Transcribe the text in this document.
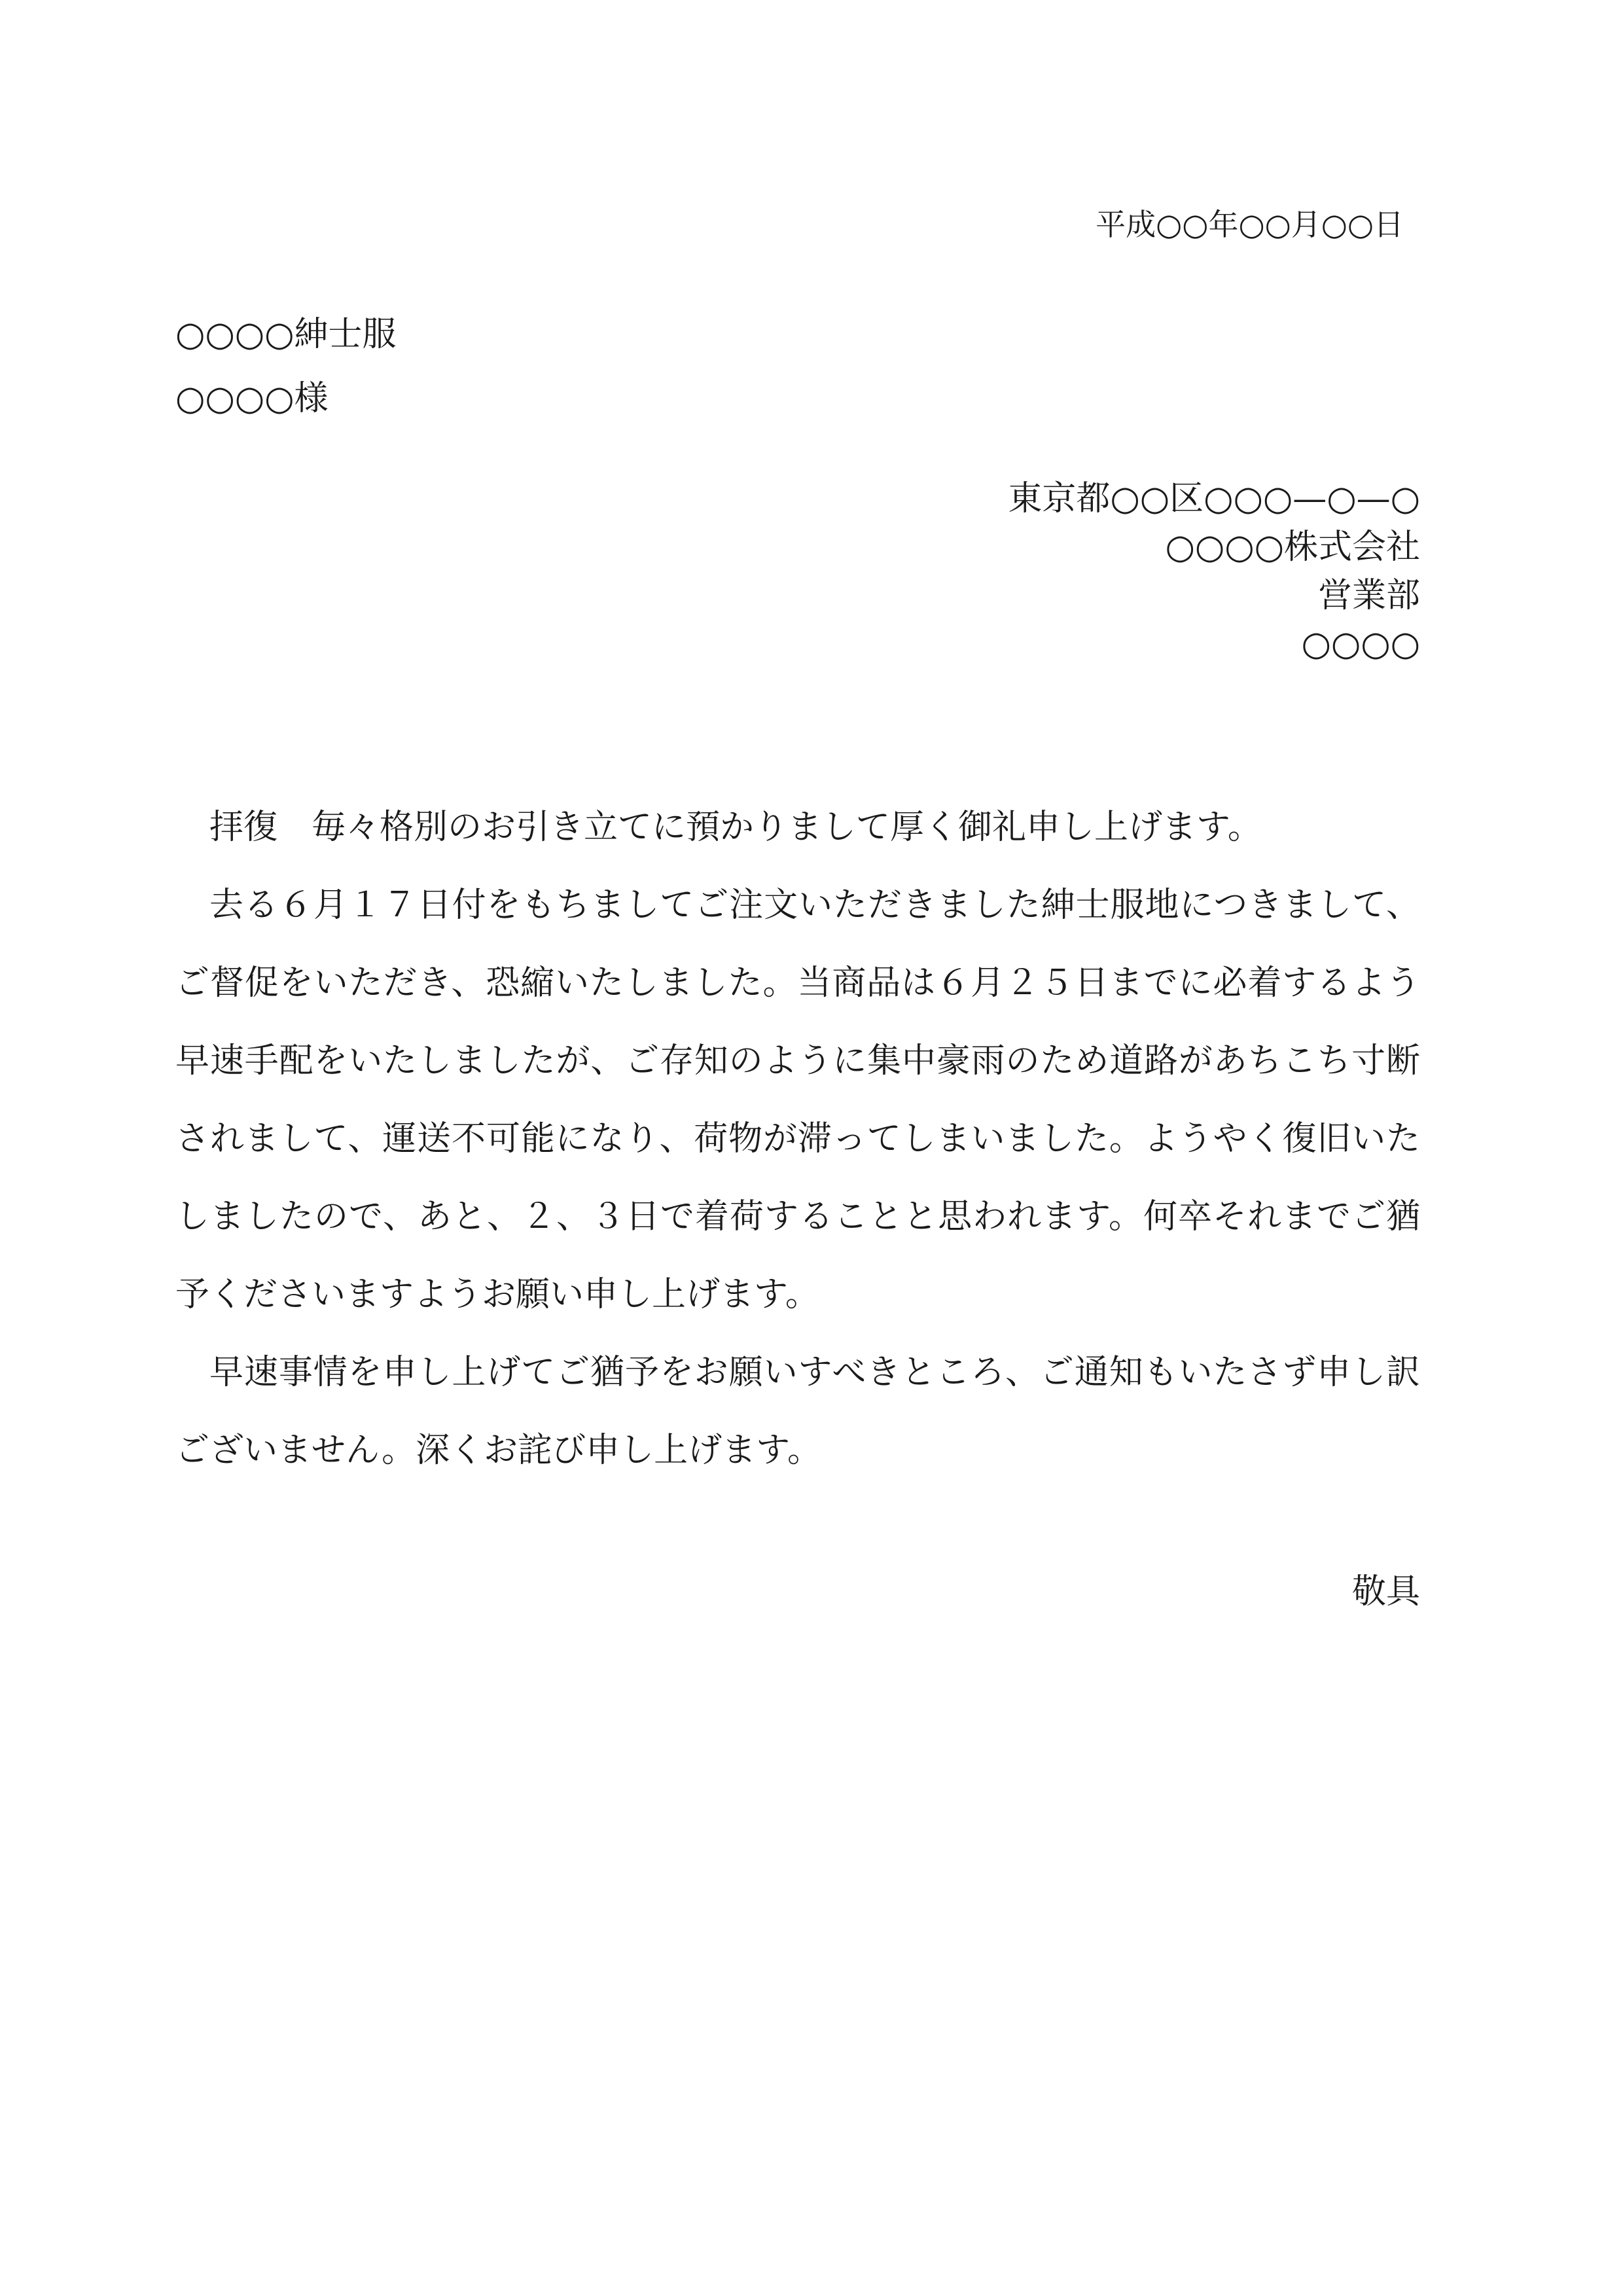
平成○○年○○月○○日
○○○○紳士服
○○○○様
東京都○○区○○○—○—○
○○○○株式会社
営業部
○○○○

拝復　毎々格別のお引き立てに預かりまして厚く御礼申し上げます。

去る６月１７日付をもちましてご注文いただきました紳士服地につきまして、ご督促をいただき、恐縮いたしました。当商品は６月２５日までに必着するよう早速手配をいたしましたが、ご存知のように集中豪雨のため道路があちこち寸断されまして、運送不可能になり、荷物が滞ってしまいました。ようやく復旧いたしましたので、あと、２、３日で着荷することと思われます。何卒それまでご猶予くださいますようお願い申し上げます。

早速事情を申し上げてご猶予をお願いすべきところ、ご通知もいたさず申し訳ございません。深くお詫び申し上げます。

敬具
